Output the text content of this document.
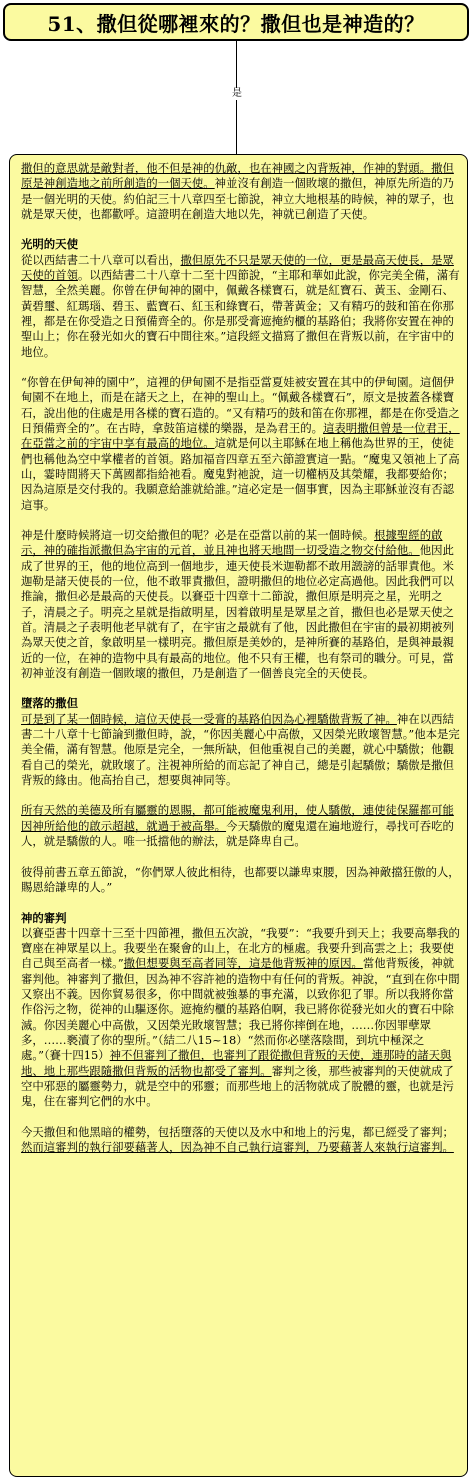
51、撒但從哪裡來的？撒但也是神造的？
是

撒但的意思就是敵對者，他不但是神的仇敵，也在神國之內背叛神，作神的對頭。撒但原是神創造地之前所創造的一個天使。神並沒有創造一個敗壞的撒但，神原先所造的乃是一個光明的天使。約伯記三十八章四至七節說，神立大地根基的時候，神的眾子，也就是眾天使，也都歡呼。這證明在創造大地以先，神就已創造了天使。

光明的天使

從以西結書二十八章可以看出，撒但原先不只是眾天使的一位，更是最高天使長，是眾天使的首領。以西結書二十八章十二至十四節說，“主耶和華如此說，你完美全備，滿有智慧，全然美麗。你曾在伊甸神的園中，佩戴各樣寶石，就是紅寶石、黃玉、金剛石、黃碧璽、紅瑪瑙、碧玉、藍寶石、紅玉和綠寶石，帶著黃金；又有精巧的鼓和笛在你那裡，都是在你受造之日預備齊全的。你是那受膏遮掩約櫃的基路伯；我將你安置在神的聖山上；你在發光如火的寶石中間往來。”這段經文描寫了撒但在背叛以前，在宇宙中的地位。

“你曾在伊甸神的園中”，這裡的伊甸園不是指亞當夏娃被安置在其中的伊甸園。這個伊甸園不在地上，而是在諸天之上，在神的聖山上。“佩戴各樣寶石”，原文是披蓋各樣寶石，說出他的住處是用各樣的寶石造的。“又有精巧的鼓和笛在你那裡，都是在你受造之日預備齊全的”。在古時，拿鼓笛這樣的樂器，是為君王的。這表明撒但曾是一位君王，在亞當之前的宇宙中享有最高的地位。這就是何以主耶穌在地上稱他為世界的王，使徒們也稱他為空中掌權者的首領。路加福音四章五至六節證實這一點。“魔鬼又領祂上了高山，霎時間將天下萬國都指給祂看。魔鬼對祂說，這一切權柄及其榮耀，我都要給你；因為這原是交付我的。我願意給誰就給誰。”這必定是一個事實，因為主耶穌並沒有否認這事。

神是什麼時候將這一切交給撒但的呢？必是在亞當以前的某一個時候。根據聖經的啟示，神的確指派撒但為宇宙的元首，並且神也將天地間一切受造之物交付給他。他因此成了世界的王，他的地位高到一個地步，連天使長米迦勒都不敢用譭謗的話罪責他。米迦勒是諸天使長的一位，他不敢罪責撒但，證明撒但的地位必定高過他。因此我們可以推論，撒但必是最高的天使長。以賽亞十四章十二節說，撒但原是明亮之星，光明之子，清晨之子。明亮之星就是指啟明星，因着啟明星是眾星之首，撒但也必是眾天使之首。清晨之子表明他老早就有了，在宇宙之最就有了他，因此撒但在宇宙的最初期被列為眾天使之首，象啟明星一樣明亮。撒但原是美妙的，是神所賽的基路伯，是與神最親近的一位，在神的造物中具有最高的地位。他不只有王權，也有祭司的職分。可見，當初神並沒有創造一個敗壞的撒但，乃是創造了一個善良完全的天使長。

墮落的撒但

可是到了某一個時候，這位天使長一受膏的基路伯因為心裡驕傲背叛了神。神在以西結書二十八章十七節論到撒但時，說，“你因美麗心中高傲，又因榮光敗壞智慧。”他本是完美全備，滿有智慧。他原是完全，一無所缺，但他重視自己的美麗，就心中驕傲；他觀看自己的榮光，就敗壞了。注視神所給的而忘記了神自己，總是引起驕傲；驕傲是撒但背叛的緣由。他高抬自己，想要與神同等。

所有天然的美德及所有屬靈的恩賜，都可能被魔鬼利用，使人驕傲，連使徒保羅都可能因神所給他的啟示超越，就過于被高舉。今天驕傲的魔鬼還在遍地遊行，尋找可吞吃的人，就是驕傲的人。唯一抵擋他的辦法，就是降卑自己。

彼得前書五章五節說，“你們眾人彼此相待，也都要以謙卑束腰，因為神敵擋狂傲的人，賜恩給謙卑的人。”

神的審判

以賽亞書十四章十三至十四節裡，撒但五次說，“我要”：“我要升到天上；我要高舉我的寶座在神眾星以上。我要坐在聚會的山上，在北方的極處。我要升到高雲之上；我要使自己與至高者一樣。”撒但想要與至高者同等，這是他背叛神的原因。當他背叛後，神就審判他。神審判了撒但，因為神不容許祂的造物中有任何的背叛。神說，“直到在你中間又察出不義。因你貿易很多，你中間就被強暴的事充滿，以致你犯了罪。所以我將你當作俗污之物，從神的山驅逐你。遮掩約櫃的基路伯啊，我已將你從發光如火的寶石中除滅。你因美麗心中高傲，又因榮光敗壞智慧；我已將你摔倒在地，……你因罪孽眾多，……褻瀆了你的聖所。”（結二八15~18）“然而你必墜落陰間，到坑中極深之處。”（賽十四15）神不但審判了撒但，也審判了跟從撒但背叛的天使，連那時的諸天與地、地上那些跟隨撒但背叛的活物也都受了審判。審判之後，那些被審判的天使就成了空中邪惡的屬靈勢力，就是空中的邪靈；而那些地上的活物就成了脫體的靈，也就是污鬼，住在審判它們的水中。

今天撒但和他黑暗的權勢，包括墮落的天使以及水中和地上的污鬼，都已經受了審判；然而這審判的執行卻要藉著人，因為神不自己執行這審判，乃要藉著人來執行這審判。
